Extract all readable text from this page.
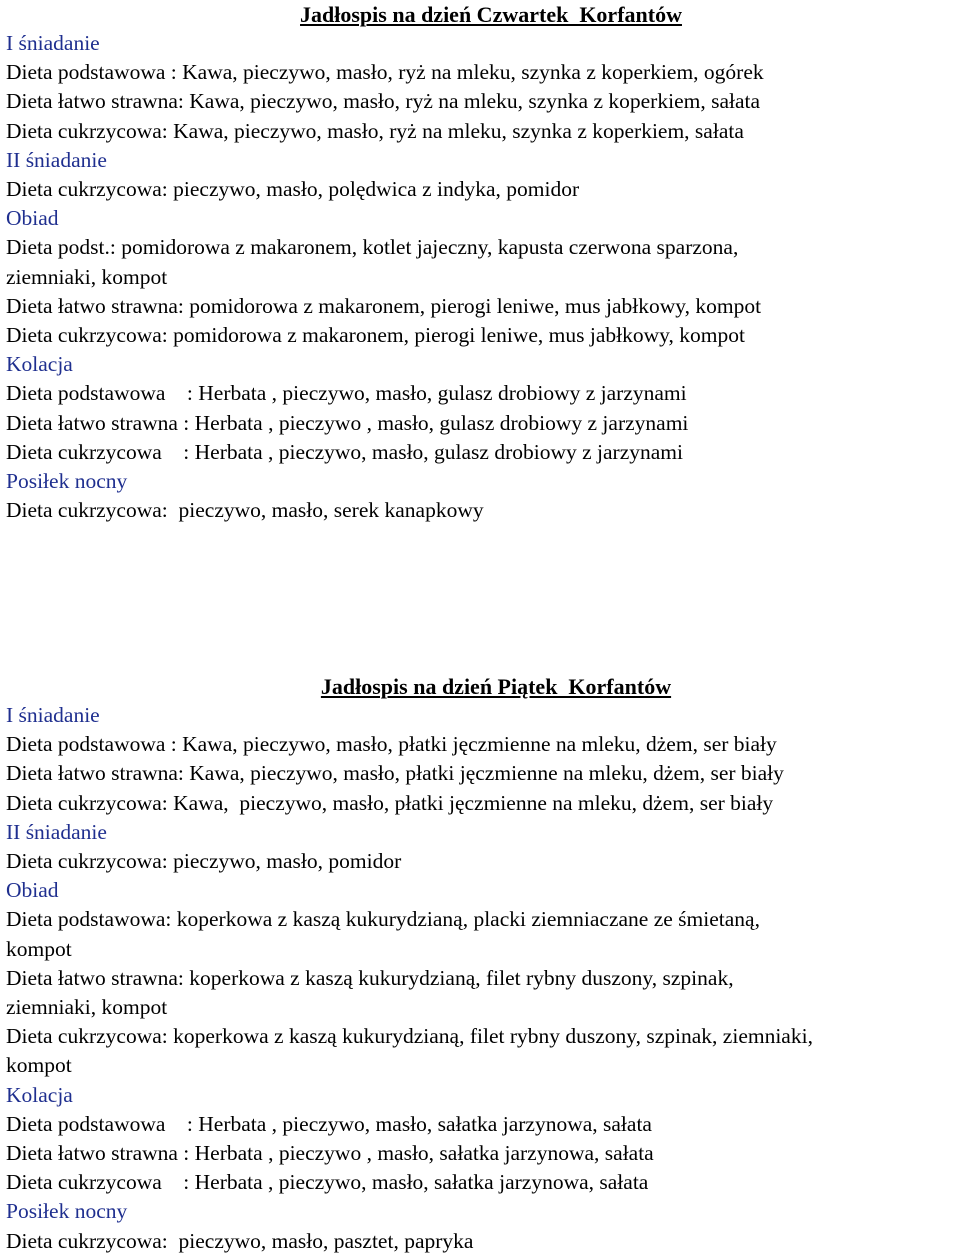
Jadłospis na dzień Czwartek  Korfantów
I śniadanie
Dieta podstawowa : Kawa, pieczywo, masło, ryż na mleku, szynka z koperkiem, ogórek
Dieta łatwo strawna: Kawa, pieczywo, masło, ryż na mleku, szynka z koperkiem, sałata
Dieta cukrzycowa: Kawa, pieczywo, masło, ryż na mleku, szynka z koperkiem, sałata
II śniadanie
Dieta cukrzycowa: pieczywo, masło, polędwica z indyka, pomidor
Obiad
Dieta podst.: pomidorowa z makaronem, kotlet jajeczny, kapusta czerwona sparzona,
ziemniaki, kompot
Dieta łatwo strawna: pomidorowa z makaronem, pierogi leniwe, mus jabłkowy, kompot
Dieta cukrzycowa: pomidorowa z makaronem, pierogi leniwe, mus jabłkowy, kompot
Kolacja
Dieta podstawowa    : Herbata , pieczywo, masło, gulasz drobiowy z jarzynami
Dieta łatwo strawna : Herbata , pieczywo , masło, gulasz drobiowy z jarzynami
Dieta cukrzycowa    : Herbata , pieczywo, masło, gulasz drobiowy z jarzynami
Posiłek nocny
Dieta cukrzycowa:  pieczywo, masło, serek kanapkowy
Jadłospis na dzień Piątek  Korfantów
I śniadanie
Dieta podstawowa : Kawa, pieczywo, masło, płatki jęczmienne na mleku, dżem, ser biały
Dieta łatwo strawna: Kawa, pieczywo, masło, płatki jęczmienne na mleku, dżem, ser biały
Dieta cukrzycowa: Kawa,  pieczywo, masło, płatki jęczmienne na mleku, dżem, ser biały
II śniadanie
Dieta cukrzycowa: pieczywo, masło, pomidor
Obiad
Dieta podstawowa: koperkowa z kaszą kukurydzianą, placki ziemniaczane ze śmietaną,
kompot
Dieta łatwo strawna: koperkowa z kaszą kukurydzianą, filet rybny duszony, szpinak,
ziemniaki, kompot
Dieta cukrzycowa: koperkowa z kaszą kukurydzianą, filet rybny duszony, szpinak, ziemniaki,
kompot
Kolacja
Dieta podstawowa    : Herbata , pieczywo, masło, sałatka jarzynowa, sałata
Dieta łatwo strawna : Herbata , pieczywo , masło, sałatka jarzynowa, sałata
Dieta cukrzycowa    : Herbata , pieczywo, masło, sałatka jarzynowa, sałata
Posiłek nocny
Dieta cukrzycowa:  pieczywo, masło, pasztet, papryka
